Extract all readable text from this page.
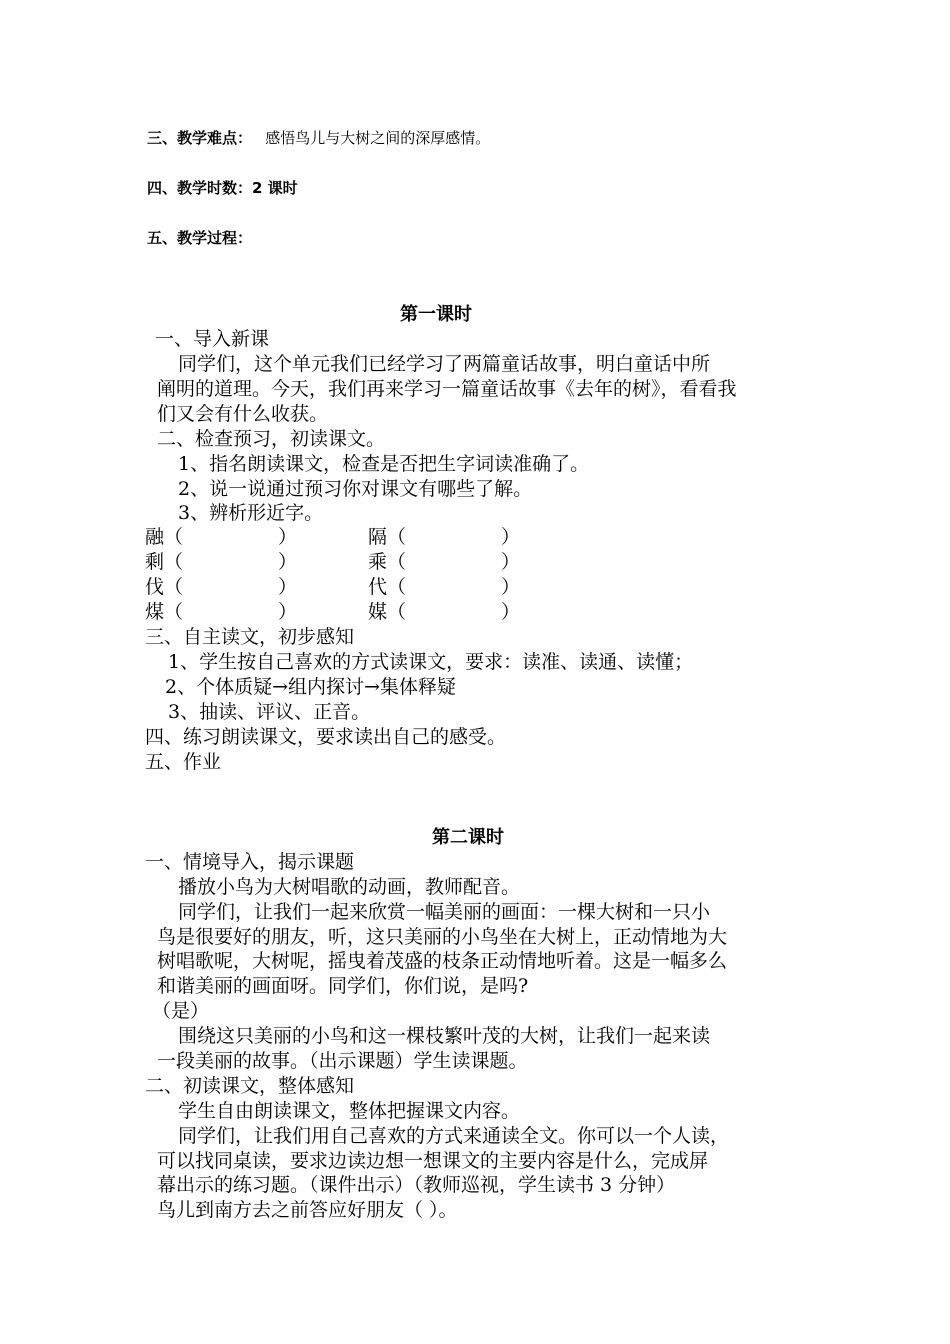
三、教学难点： 感悟鸟儿与大树之间的深厚感情。
四、教学时数：2 课时
五、教学过程：
第一课时
一、导入新课
同学们，这个单元我们已经学习了两篇童话故事，明白童话中所
阐明的道理。今天，我们再来学习一篇童话故事《去年的树》，看看我
们又会有什么收获。
二、检查预习，初读课文。
1、指名朗读课文，检查是否把生字词读准确了。
2、说一说通过预习你对课文有哪些了解。
3、辨析形近字。
融（	）	隔（	）
剩（	）	乘（	）
伐（	）	代（	）
煤（	）	媒（	）
三、自主读文，初步感知
1、学生按自己喜欢的方式读课文，要求：读准、读通、读懂；
2、个体质疑→组内探讨→集体释疑
3、抽读、评议、正音。
四、练习朗读课文，要求读出自己的感受。
五、作业
第二课时
一、情境导入，揭示课题
播放小鸟为大树唱歌的动画，教师配音。
同学们，让我们一起来欣赏一幅美丽的画面：一棵大树和一只小
鸟是很要好的朋友，听，这只美丽的小鸟坐在大树上，正动情地为大
树唱歌呢，大树呢，摇曳着茂盛的枝条正动情地听着。这是一幅多么
和谐美丽的画面呀。同学们，你们说，是吗?
（是）
围绕这只美丽的小鸟和这一棵枝繁叶茂的大树，让我们一起来读
一段美丽的故事。（出示课题）学生读课题。
二、初读课文，整体感知
学生自由朗读课文，整体把握课文内容。
同学们，让我们用自己喜欢的方式来通读全文。你可以一个人读，
可以找同桌读，要求边读边想一想课文的主要内容是什么，完成屏
幕出示的练习题。（课件出示）（教师巡视，学生读书 3 分钟）
鸟儿到南方去之前答应好朋友（ ）。
